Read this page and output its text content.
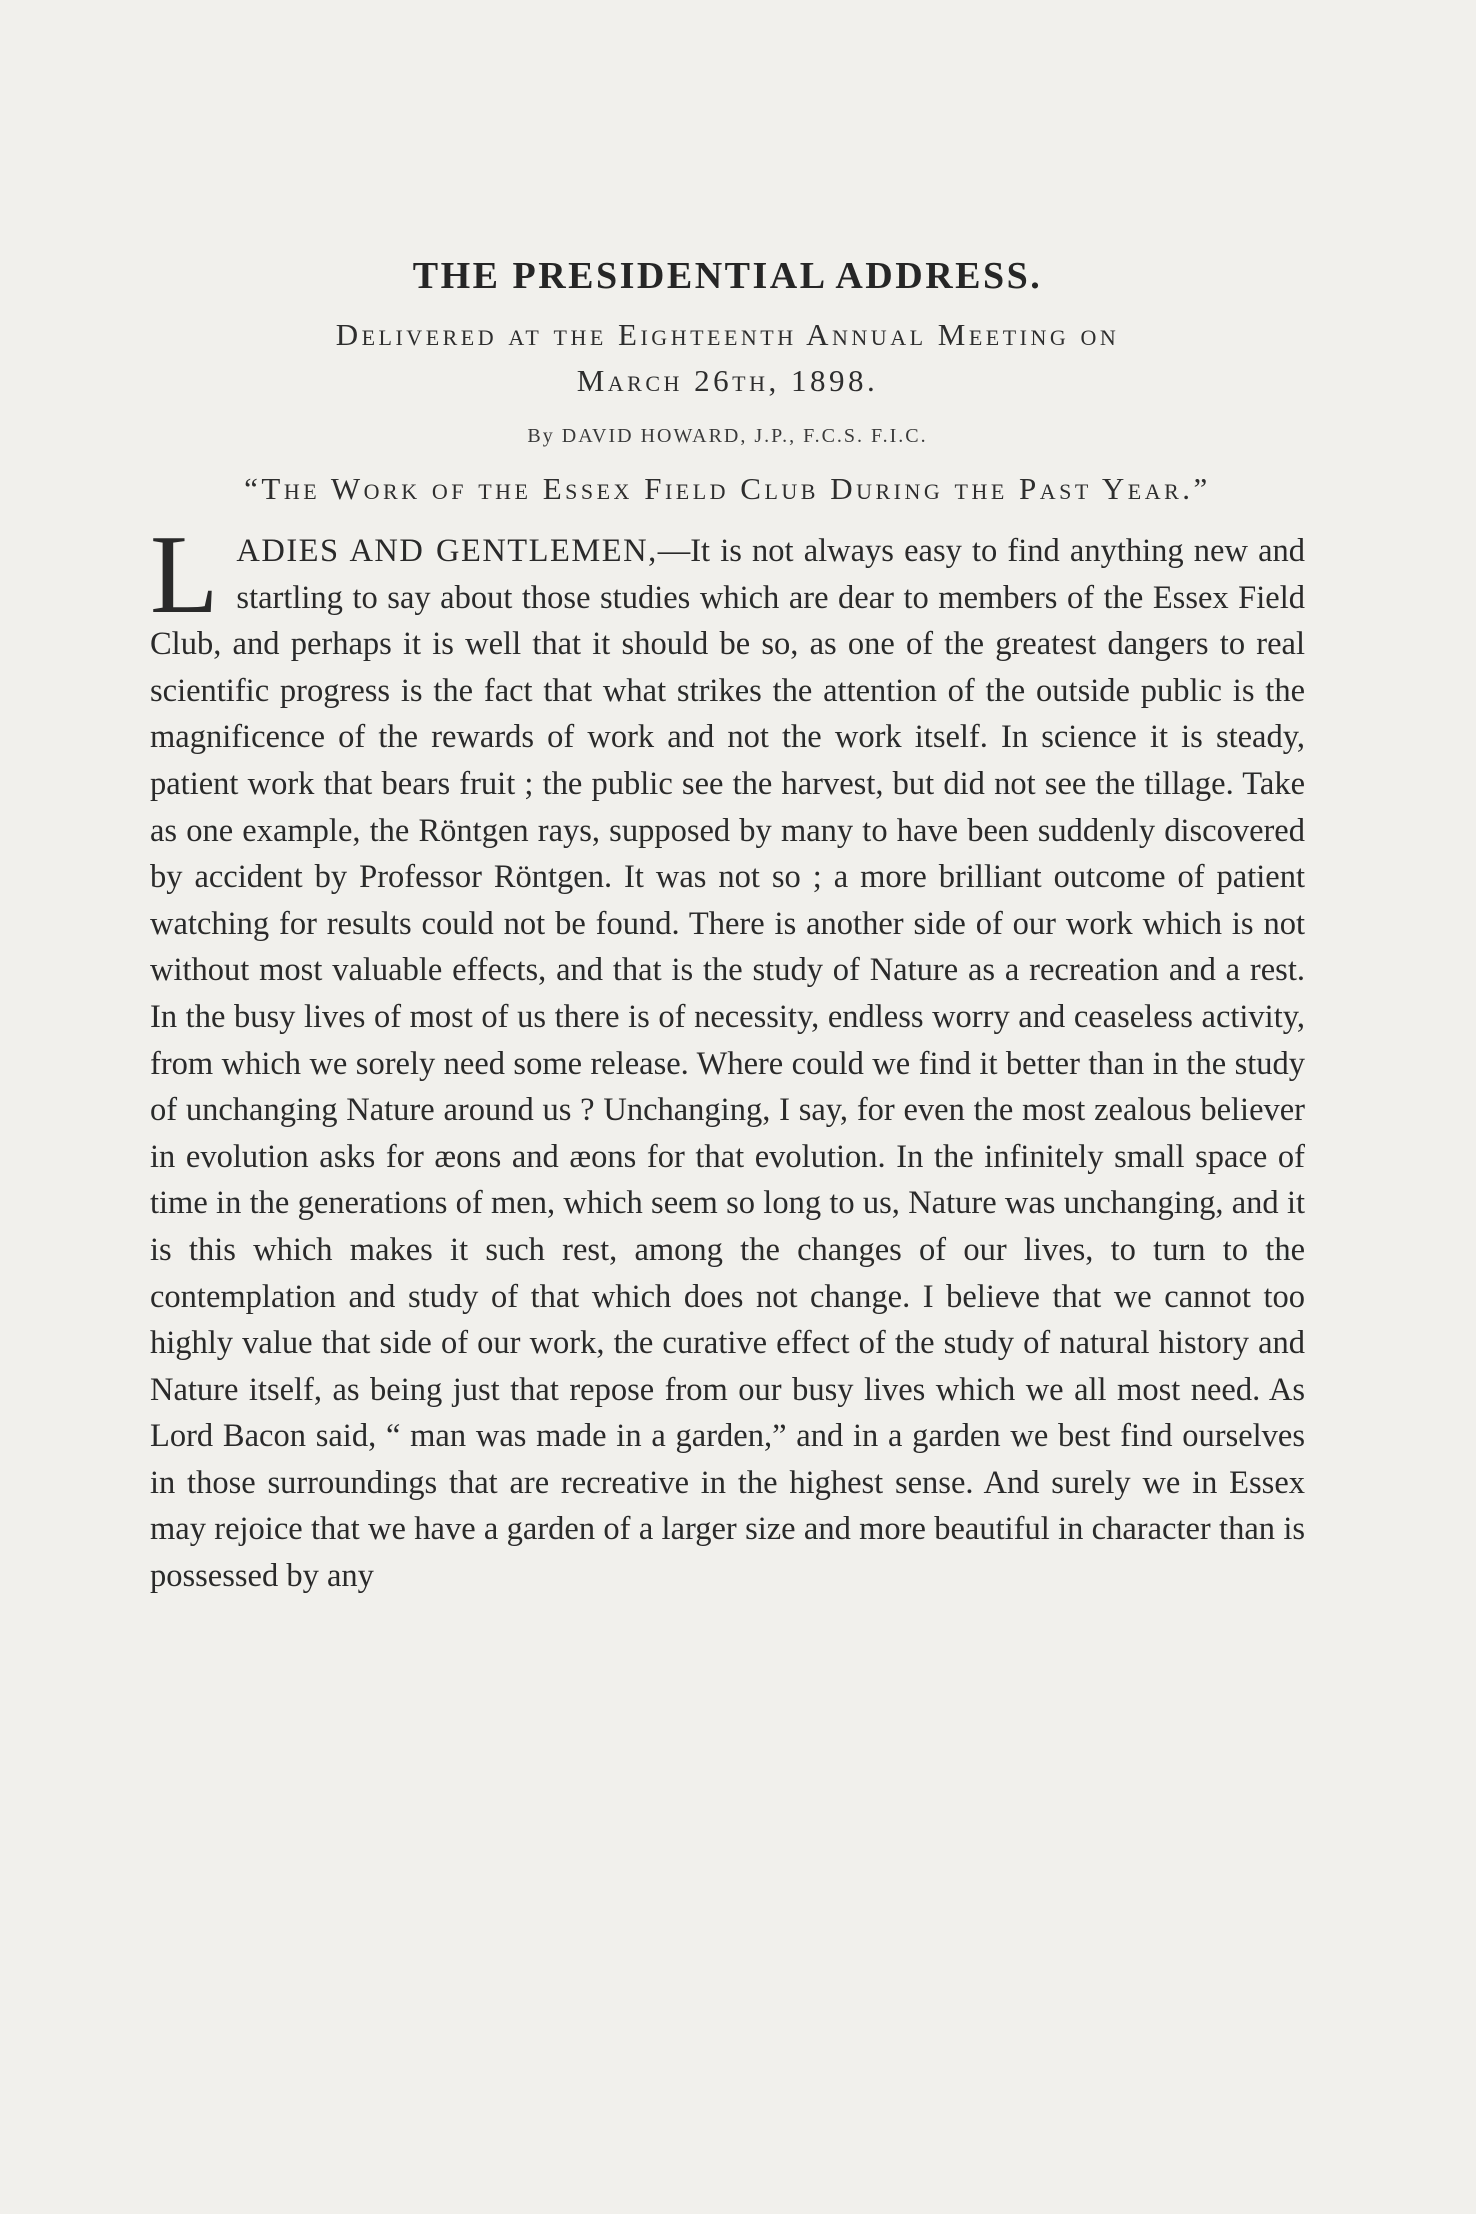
THE PRESIDENTIAL ADDRESS.

Delivered at the Eighteenth Annual Meeting on

March 26th, 1898.

By DAVID HOWARD, J.P., F.C.S. F.I.C.

“The Work of the Essex Field Club During the Past Year.”

LADIES AND GENTLEMEN,—It is not always easy to find anything new and startling to say about those studies which are dear to members of the Essex Field Club, and perhaps it is well that it should be so, as one of the greatest dangers to real scientific progress is the fact that what strikes the attention of the outside public is the magnificence of the rewards of work and not the work itself. In science it is steady, patient work that bears fruit ; the public see the harvest, but did not see the tillage. Take as one example, the Röntgen rays, supposed by many to have been suddenly discovered by accident by Professor Röntgen. It was not so ; a more brilliant outcome of patient watching for results could not be found. There is another side of our work which is not without most valuable effects, and that is the study of Nature as a recreation and a rest. In the busy lives of most of us there is of necessity, endless worry and ceaseless activity, from which we sorely need some release. Where could we find it better than in the study of unchanging Nature around us ? Unchanging, I say, for even the most zealous believer in evolution asks for æons and æons for that evolution. In the infinitely small space of time in the generations of men, which seem so long to us, Nature was unchanging, and it is this which makes it such rest, among the changes of our lives, to turn to the contemplation and study of that which does not change. I believe that we cannot too highly value that side of our work, the curative effect of the study of natural history and Nature itself, as being just that repose from our busy lives which we all most need. As Lord Bacon said, “ man was made in a garden,” and in a garden we best find ourselves in those surroundings that are recreative in the highest sense. And surely we in Essex may rejoice that we have a garden of a larger size and more beautiful in character than is possessed by any
